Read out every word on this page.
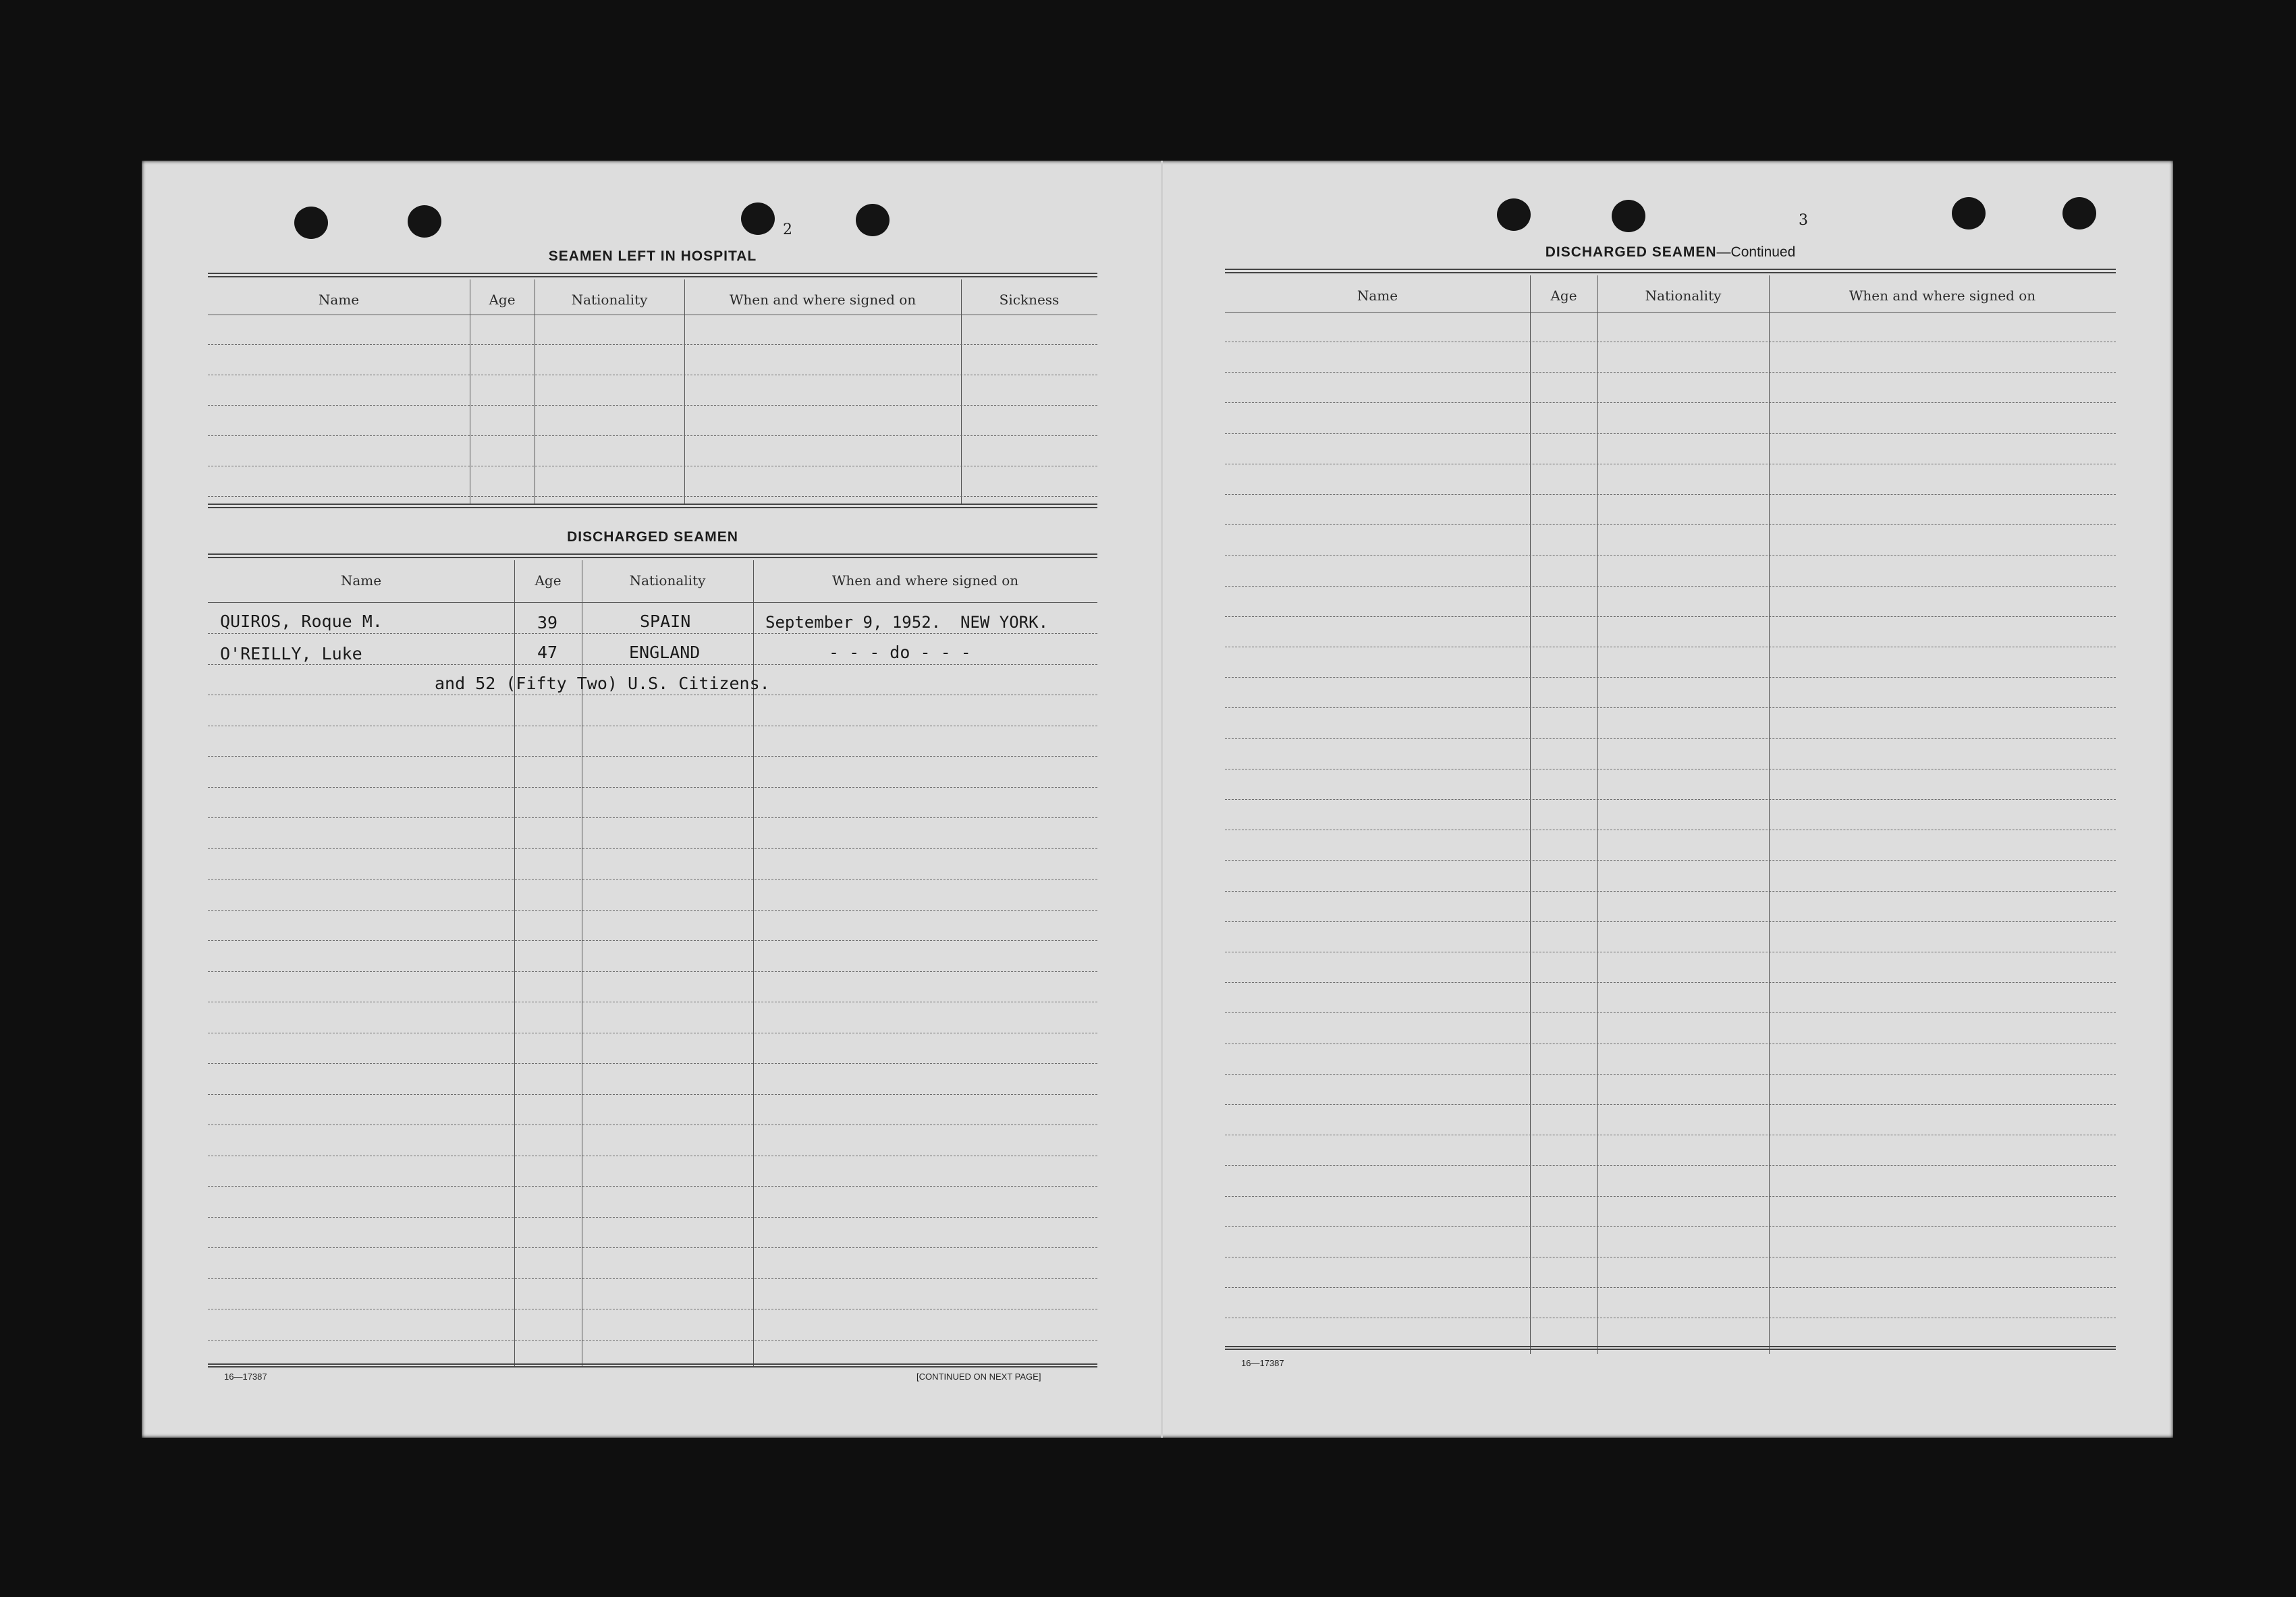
2
SEAMEN LEFT IN HOSPITAL
Name	Age	Nationality	When and where signed on	Sickness
DISCHARGED SEAMEN
Name	Age	Nationality	When and where signed on
QUIROS, Roque M.	39	SPAIN	September 9, 1952.  NEW YORK.
O'REILLY, Luke	47	ENGLAND	- - - do - - -
and 52 (Fifty Two) U.S. Citizens.
16—17387	[CONTINUED ON NEXT PAGE]
3
DISCHARGED SEAMEN—Continued
Name	Age	Nationality	When and where signed on
16—17387
